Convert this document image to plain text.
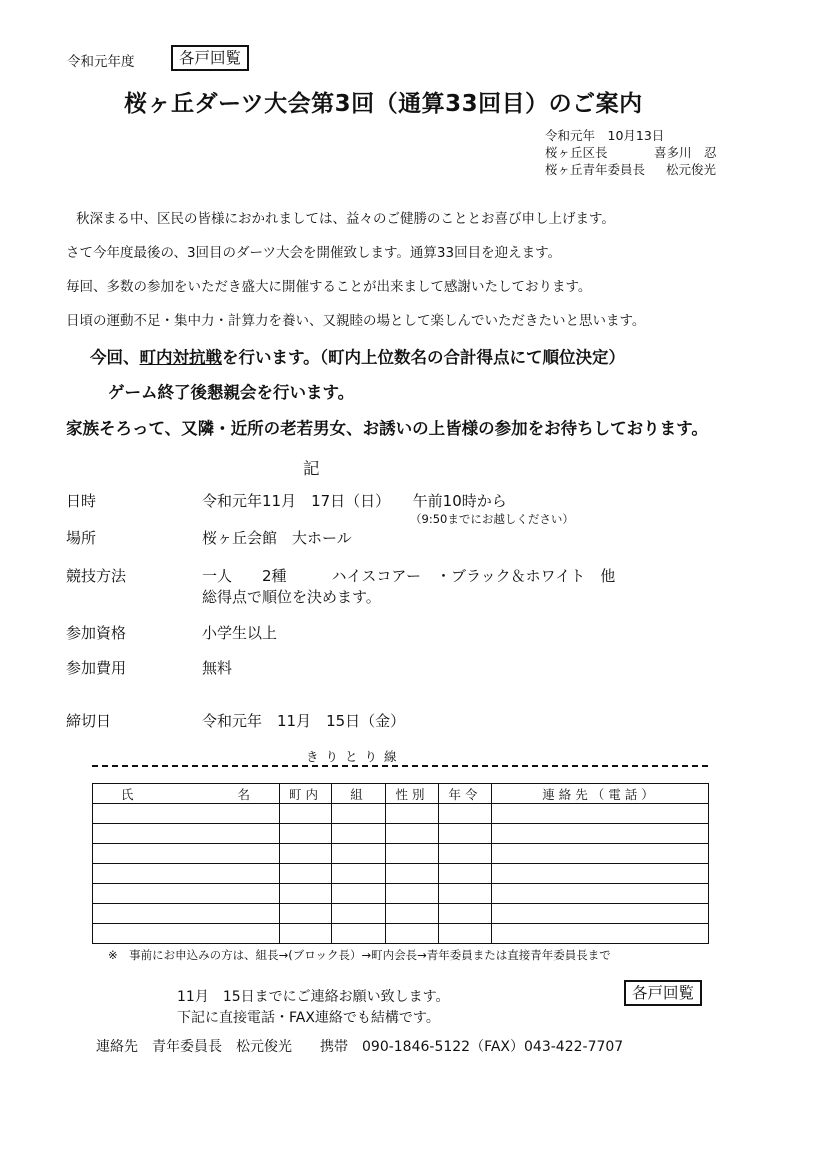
令和元年度	各戸回覧
桜ヶ丘ダーツ大会第3回（通算33回目）のご案内
令和元年　10月13日
桜ヶ丘区長	喜多川　忍
桜ヶ丘青年委員長 松元俊光
秋深まる中、区民の皆様におかれましては、益々のご健勝のこととお喜び申し上げます。
さて今年度最後の、3回目のダーツ大会を開催致します。通算33回目を迎えます。
毎回、多数の参加をいただき盛大に開催することが出来まして感謝いたしております。
日頃の運動不足・集中力・計算力を養い、又親睦の場として楽しんでいただきたいと思います。
今回、町内対抗戦を行います。（町内上位数名の合計得点にて順位決定）
ゲーム終了後懇親会を行います。
家族そろって、又隣・近所の老若男女、お誘いの上皆様の参加をお待ちしております。
記
日時	令和元年11月　17日（日）　　午前10時から
（9:50までにお越しください）
場所	桜ヶ丘会館　大ホール
競技方法	一人　　2種　　　ハイスコアー　・ブラック＆ホワイト　他
総得点で順位を決めます。
参加資格	小学生以上
参加費用	無料
締切日	令和元年　11月　15日（金）
きりとり線
氏 名	町内	組	性別	年令	連絡先（電話）

※　事前にお申込みの方は、組長→(ブロック長）→町内会長→青年委員または直接青年委員長まで
11月　15日までにご連絡お願い致します。
下記に直接電話・FAX連絡でも結構です。
各戸回覧
連絡先　青年委員長　松元俊光　　携帯　090-1846-5122（FAX）043-422-7707
